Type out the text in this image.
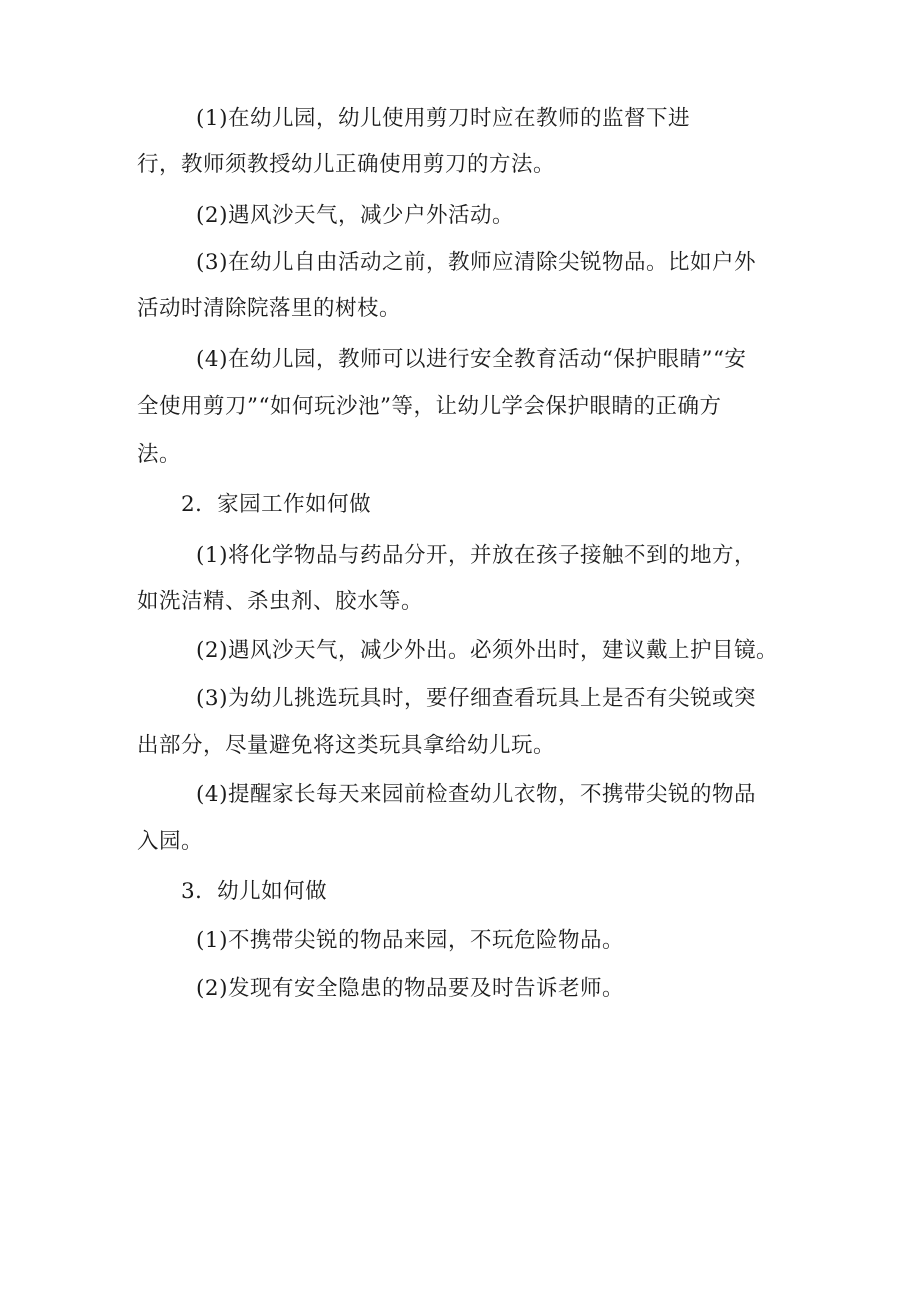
(1)在幼儿园，幼儿使用剪刀时应在教师的监督下进
行，教师须教授幼儿正确使用剪刀的方法。
(2)遇风沙天气，减少户外活动。
(3)在幼儿自由活动之前，教师应清除尖锐物品。比如户外
活动时清除院落里的树枝。
(4)在幼儿园，教师可以进行安全教育活动“保护眼睛”“安
全使用剪刀”“如何玩沙池”等，让幼儿学会保护眼睛的正确方
法。
2．家园工作如何做
(1)将化学物品与药品分开，并放在孩子接触不到的地方，
如洗洁精、杀虫剂、胶水等。
(2)遇风沙天气，减少外出。必须外出时，建议戴上护目镜。
(3)为幼儿挑选玩具时，要仔细查看玩具上是否有尖锐或突
出部分，尽量避免将这类玩具拿给幼儿玩。
(4)提醒家长每天来园前检查幼儿衣物，不携带尖锐的物品
入园。
3．幼儿如何做
(1)不携带尖锐的物品来园，不玩危险物品。
(2)发现有安全隐患的物品要及时告诉老师。
